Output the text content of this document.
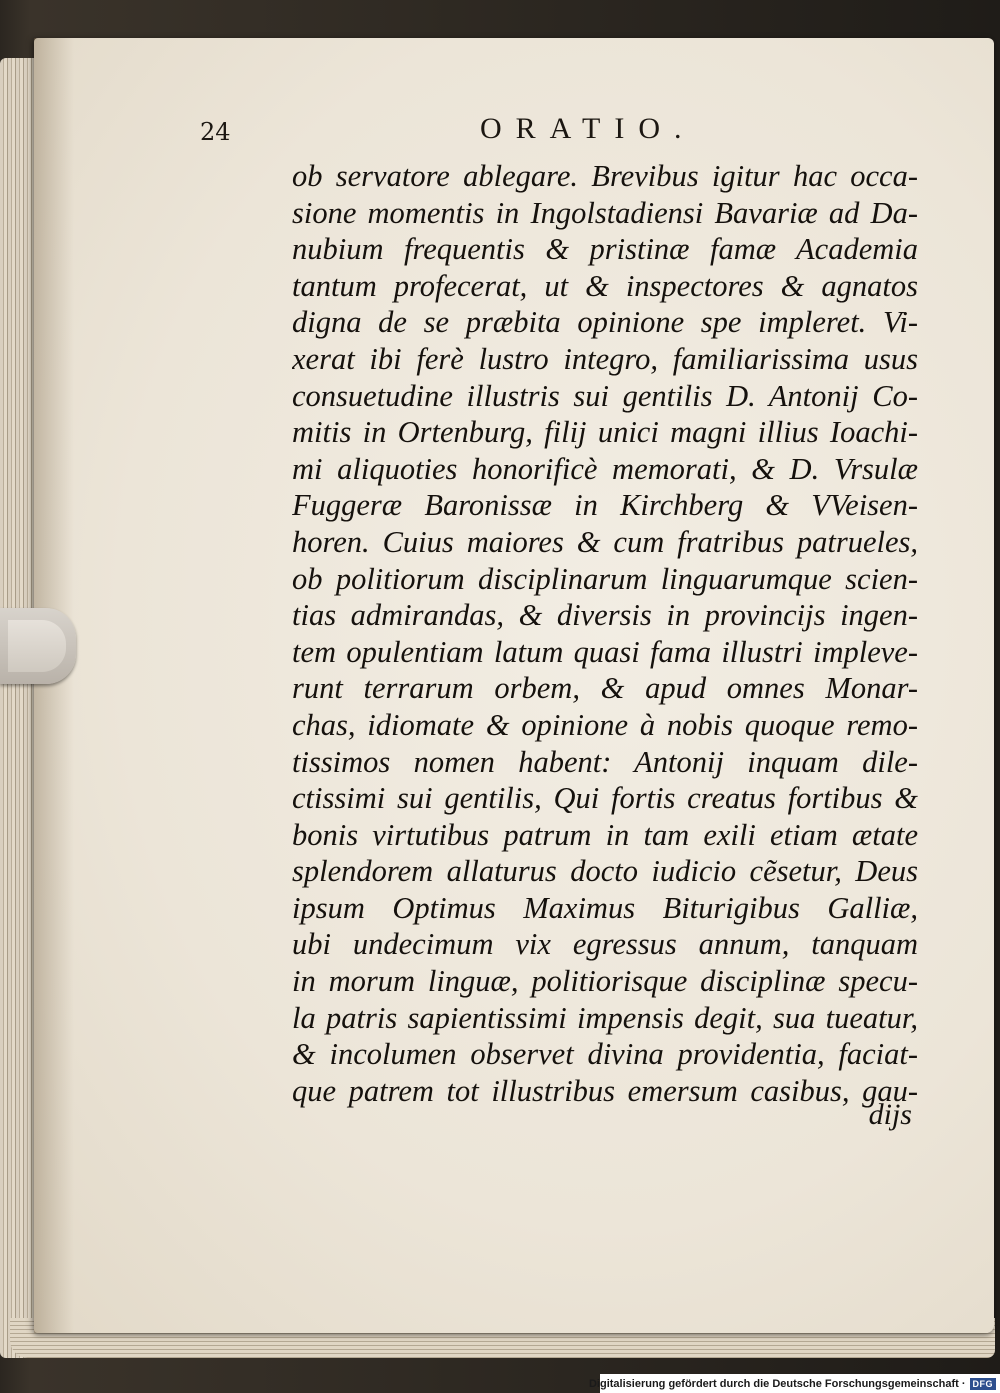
24	ORATIO.
ob servatore ablegare. Brevibus igitur hac occa-
sione momentis in Ingolstadiensi Bavariæ ad Da-
nubium frequentis & pristinæ famæ Academia
tantum profecerat, ut & inspectores & agnatos
digna de se præbita opinione spe impleret. Vi-
xerat ibi ferè lustro integro, familiarissima usus
consuetudine illustris sui gentilis D. Antonij Co-
mitis in Ortenburg, filij unici magni illius Ioachi-
mi aliquoties honorificè memorati, & D. Vrsulæ
Fuggeræ Baronissæ in Kirchberg & VVeisen-
horen. Cuius maiores & cum fratribus patrueles,
ob politiorum disciplinarum linguarumque scien-
tias admirandas, & diversis in provincijs ingen-
tem opulentiam latum quasi fama illustri impleve-
runt terrarum orbem, & apud omnes Monar-
chas, idiomate & opinione à nobis quoque remo-
tissimos nomen habent: Antonij inquam dile-
ctissimi sui gentilis, Qui fortis creatus fortibus &
bonis virtutibus patrum in tam exili etiam ætate
splendorem allaturus docto iudicio cẽsetur, Deus
ipsum Optimus Maximus Biturigibus Galliæ,
ubi undecimum vix egressus annum, tanquam
in morum linguæ, politiorisque disciplinæ specu-
la patris sapientissimi impensis degit, sua tueatur,
& incolumen observet divina providentia, faciat-
que patrem tot illustribus emersum casibus, gau-
dijs
Digitalisierung gefördert durch die Deutsche Forschungsgemeinschaft · DFG
